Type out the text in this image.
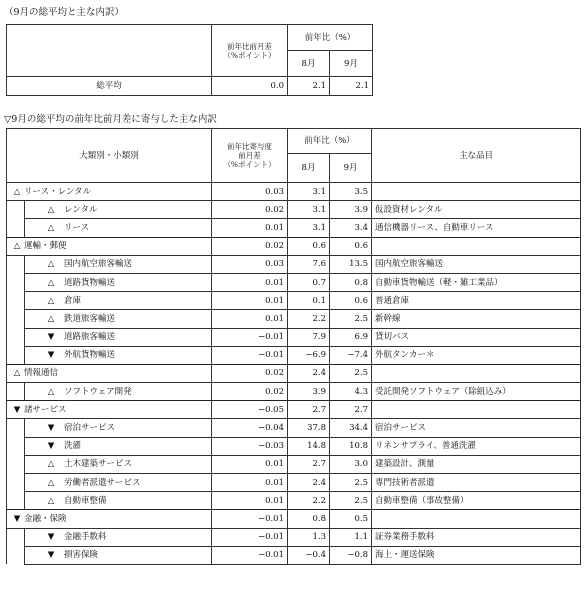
（9月の総平均と主な内訳）
	前年比前月差
（%ポイント）	前年比（%）	
		8月	9月
総平均	0.0	2.1	2.1
▽9月の総平均の前年比前月差に寄与した主な内訳
大類別・小類別		前年比寄与度
前月差
（%ポイント）	前年比（%）		主な品目
			8月	9月	
△ リース・レンタル		0.03	3.1	3.5	
	△ レンタル	0.02	3.1	3.9	仮設資材レンタル
	△ リース	0.01	3.1	3.4	通信機器リース、自動車リース
△ 運輸・郵便		0.02	0.6	0.6	
	△ 国内航空旅客輸送	0.03	7.6	13.5	国内航空旅客輸送
	△ 道路貨物輸送	0.01	0.7	0.8	自動車貨物輸送（軽・雑工業品）
	△ 倉庫	0.01	0.1	0.6	普通倉庫
	△ 鉄道旅客輸送	0.01	2.2	2.5	新幹線
	▼ 道路旅客輸送	−0.01	7.9	6.9	貸切バス
	▼ 外航貨物輸送	−0.01	−6.9	−7.4	外航タンカー＊
△ 情報通信		0.02	2.4	2.5	
	△ ソフトウェア開発	0.02	3.9	4.3	受託開発ソフトウェア（除組込み）
▼ 諸サービス		−0.05	2.7	2.7	
	▼ 宿泊サービス	−0.04	37.8	34.4	宿泊サービス
	▼ 洗濯	−0.03	14.8	10.8	リネンサプライ、普通洗濯
	△ 土木建築サービス	0.01	2.7	3.0	建築設計、測量
	△ 労働者派遣サービス	0.01	2.4	2.5	専門技術者派遣
	△ 自動車整備	0.01	2.2	2.5	自動車整備（事故整備）
▼ 金融・保険		−0.01	0.8	0.5	
	▼ 金融手数料	−0.01	1.3	1.1	証券業務手数料
	▼ 損害保険	−0.01	−0.4	−0.8	海上・運送保険
